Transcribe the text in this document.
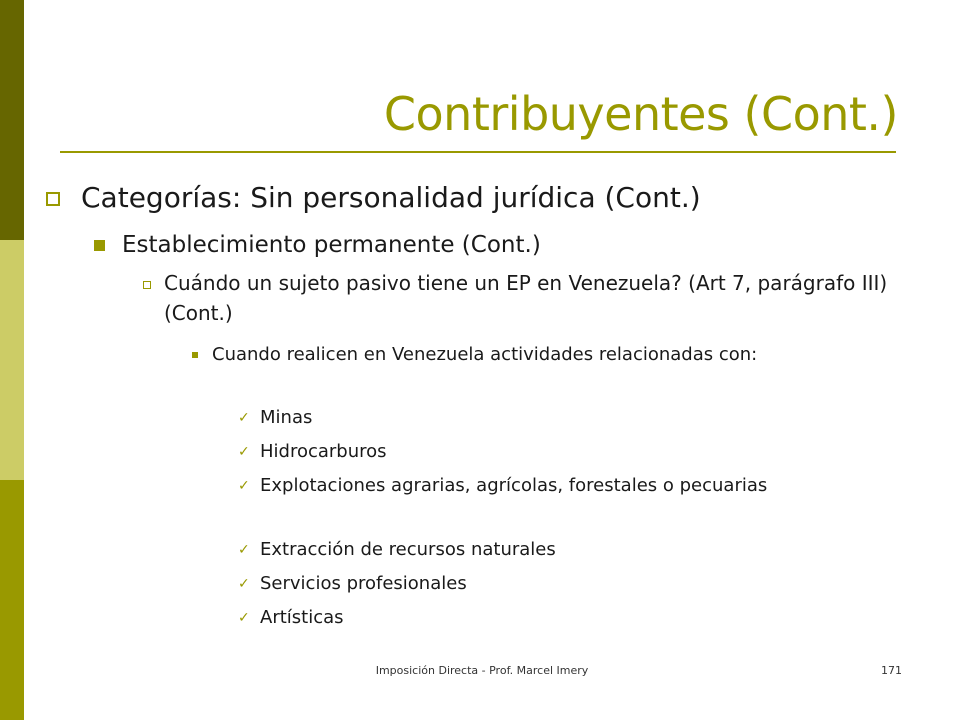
Contribuyentes (Cont.)
Categorías: Sin personalidad jurídica (Cont.)
Establecimiento permanente (Cont.)
Cuándo un sujeto pasivo tiene un EP en Venezuela? (Art 7, parágrafo III) (Cont.)
Cuando realicen en Venezuela actividades relacionadas con:
✓ Minas
✓ Hidrocarburos
✓ Explotaciones agrarias, agrícolas, forestales o pecuarias
✓ Extracción de recursos naturales
✓ Servicios profesionales
✓ Artísticas
Imposición Directa - Prof. Marcel Imery	171
